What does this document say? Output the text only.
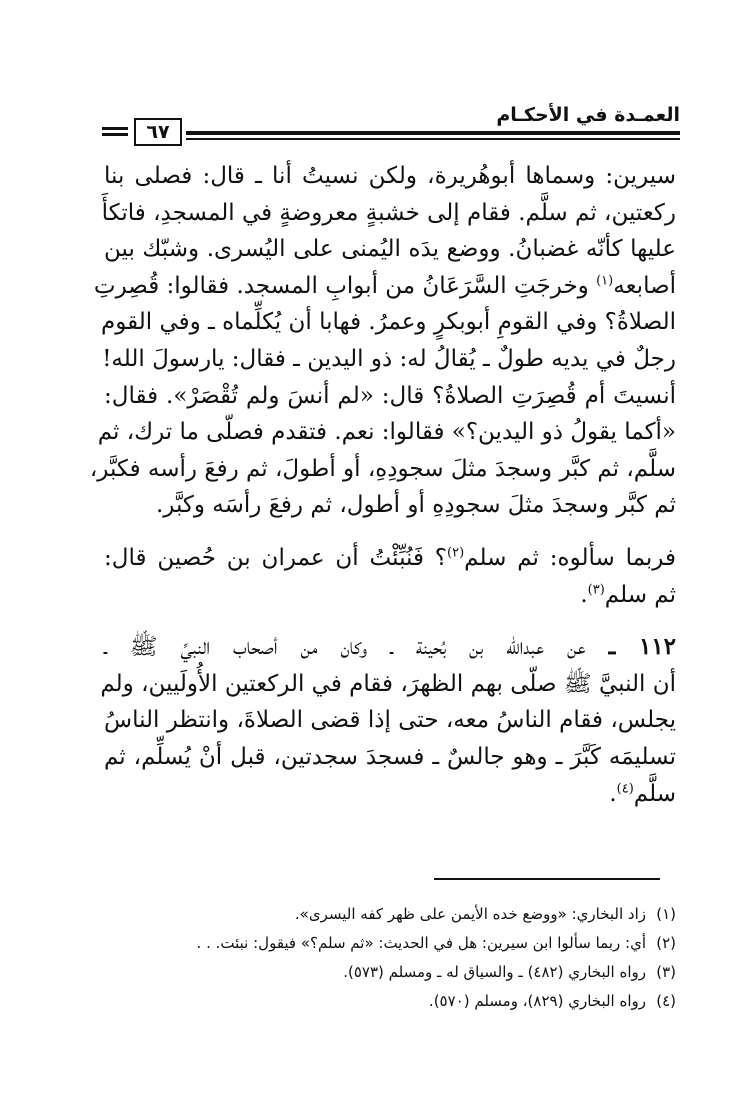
العمـدة في الأحكـام
٦٧
سيرين: وسماها أبوهُريرة، ولكن نسيتُ أنا ـ قال: فصلى بنا
ركعتين، ثم سلَّم. فقام إلى خشبةٍ معروضةٍ في المسجدِ، فاتكأَ
عليها كأنّه غضبانُ. ووضع يدَه اليُمنى على اليُسرى. وشبّك بين
أصابعه$^{(١)}$ وخرجَتِ السَّرَعَانُ من أبوابِ المسجد. فقالوا: قُصِرتِ
الصلاةُ؟ وفي القومِ أبوبكرٍ وعمرُ. فهابا أن يُكلِّماه ـ وفي القوم
رجلٌ في يديه طولٌ ـ يُقالُ له: ذو اليدين ـ فقال: يارسولَ الله!
أنسيتَ أم قُصِرَتِ الصلاةُ؟ قال: «لم أنسَ ولم تُقْصَرْ». فقال:
«أكما يقولُ ذو اليدين؟» فقالوا: نعم. فتقدم فصلّى ما ترك، ثم
سلَّم، ثم كبَّر وسجدَ مثلَ سجودِهِ، أو أطولَ، ثم رفعَ رأسه فكبَّر،
ثم كبَّر وسجدَ مثلَ سجودِهِ أو أطول، ثم رفعَ رأسَه وكبَّر.
فربما سألوه: ثم سلم$^{(٢)}$؟ فَنُبِّئْتُ أن عمران بن حُصين قال:
ثم سلم$^{(٣)}$.
١١٢ ـ عن عبدالله بن بُحينة ـ وكان من أصحاب النبيِّ ﷺ ـ
أن النبيَّ ﷺ صلّى بهم الظهرَ، فقام في الركعتين الأُولَيين، ولم
يجلس، فقام الناسُ معه، حتى إذا قضى الصلاةَ، وانتظر الناسُ
تسليمَه كَبَّرَ ـ وهو جالسٌ ـ فسجدَ سجدتين، قبل أنْ يُسلِّم، ثم
سلَّم$^{(٤)}$.
(١)زاد البخاري: «ووضع خده الأيمن على ظهر كفه اليسرى».
(٢)أي: ربما سألوا ابن سيرين: هل في الحديث: «ثم سلم؟» فيقول: نبئت. . .
(٣)رواه البخاري (٤٨٢) ـ والسياق له ـ ومسلم (٥٧٣).
(٤)رواه البخاري (٨٢٩)، ومسلم (٥٧٠).
